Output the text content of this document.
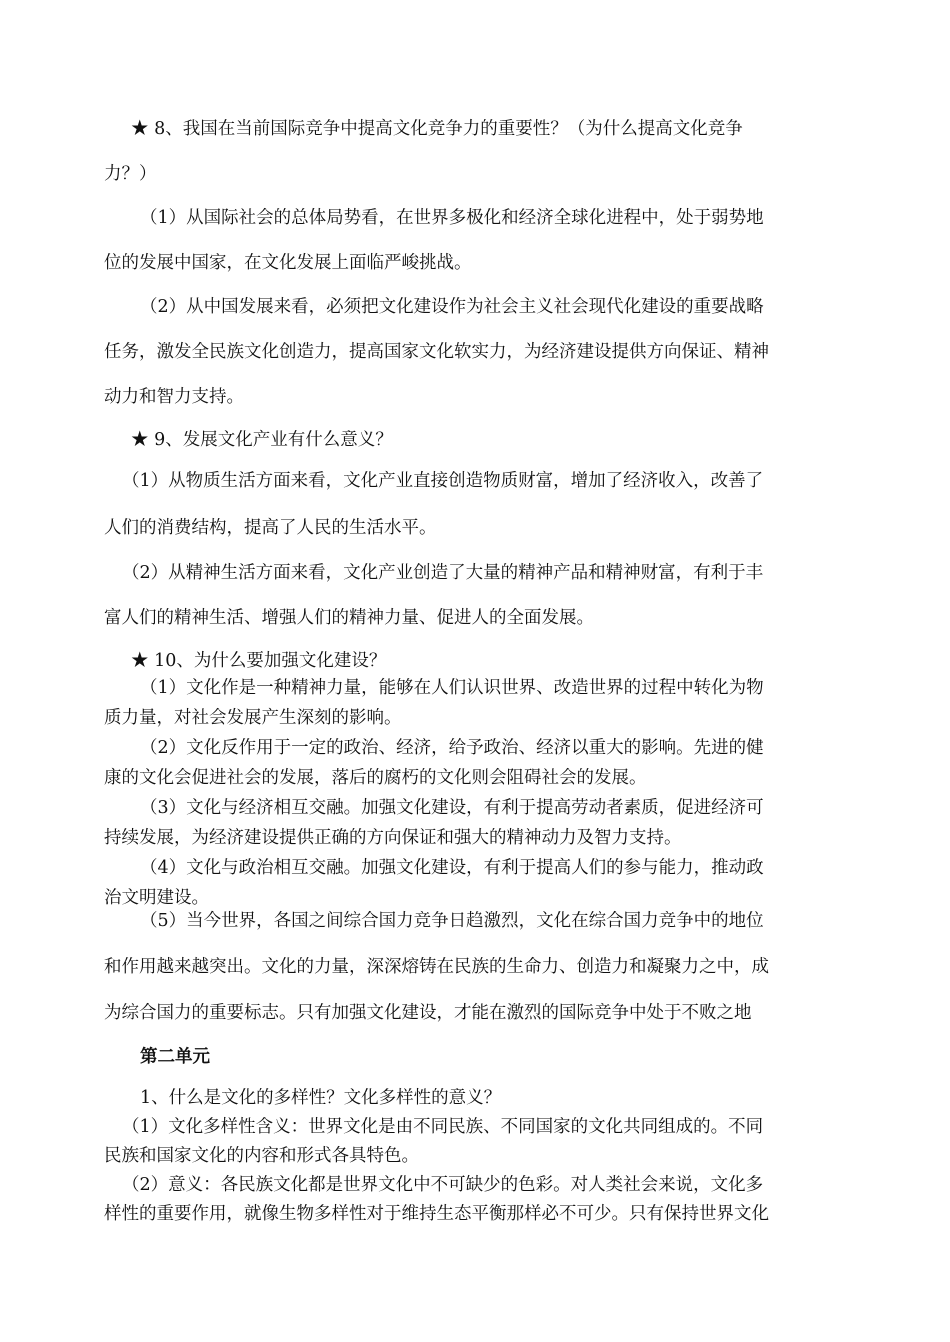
★ 8、我国在当前国际竞争中提高文化竞争力的重要性？（为什么提高文化竞争
力？）
（1）从国际社会的总体局势看，在世界多极化和经济全球化进程中，处于弱势地
位的发展中国家，在文化发展上面临严峻挑战。
（2）从中国发展来看，必须把文化建设作为社会主义社会现代化建设的重要战略
任务，激发全民族文化创造力，提高国家文化软实力，为经济建设提供方向保证、精神
动力和智力支持。
★ 9、发展文化产业有什么意义？
（1）从物质生活方面来看，文化产业直接创造物质财富，增加了经济收入，改善了
人们的消费结构，提高了人民的生活水平。
（2）从精神生活方面来看，文化产业创造了大量的精神产品和精神财富，有利于丰
富人们的精神生活、增强人们的精神力量、促进人的全面发展。
★ 10、为什么要加强文化建设？
（1）文化作是一种精神力量，能够在人们认识世界、改造世界的过程中转化为物
质力量，对社会发展产生深刻的影响。
（2）文化反作用于一定的政治、经济，给予政治、经济以重大的影响。先进的健
康的文化会促进社会的发展，落后的腐朽的文化则会阻碍社会的发展。
（3）文化与经济相互交融。加强文化建设，有利于提高劳动者素质，促进经济可
持续发展，为经济建设提供正确的方向保证和强大的精神动力及智力支持。
（4）文化与政治相互交融。加强文化建设，有利于提高人们的参与能力，推动政
治文明建设。
（5）当今世界，各国之间综合国力竞争日趋激烈，文化在综合国力竞争中的地位
和作用越来越突出。文化的力量，深深熔铸在民族的生命力、创造力和凝聚力之中，成
为综合国力的重要标志。只有加强文化建设，才能在激烈的国际竞争中处于不败之地
第二单元
1、什么是文化的多样性？文化多样性的意义？
（1）文化多样性含义：世界文化是由不同民族、不同国家的文化共同组成的。不同
民族和国家文化的内容和形式各具特色。
（2）意义：各民族文化都是世界文化中不可缺少的色彩。对人类社会来说，文化多
样性的重要作用，就像生物多样性对于维持生态平衡那样必不可少。只有保持世界文化
